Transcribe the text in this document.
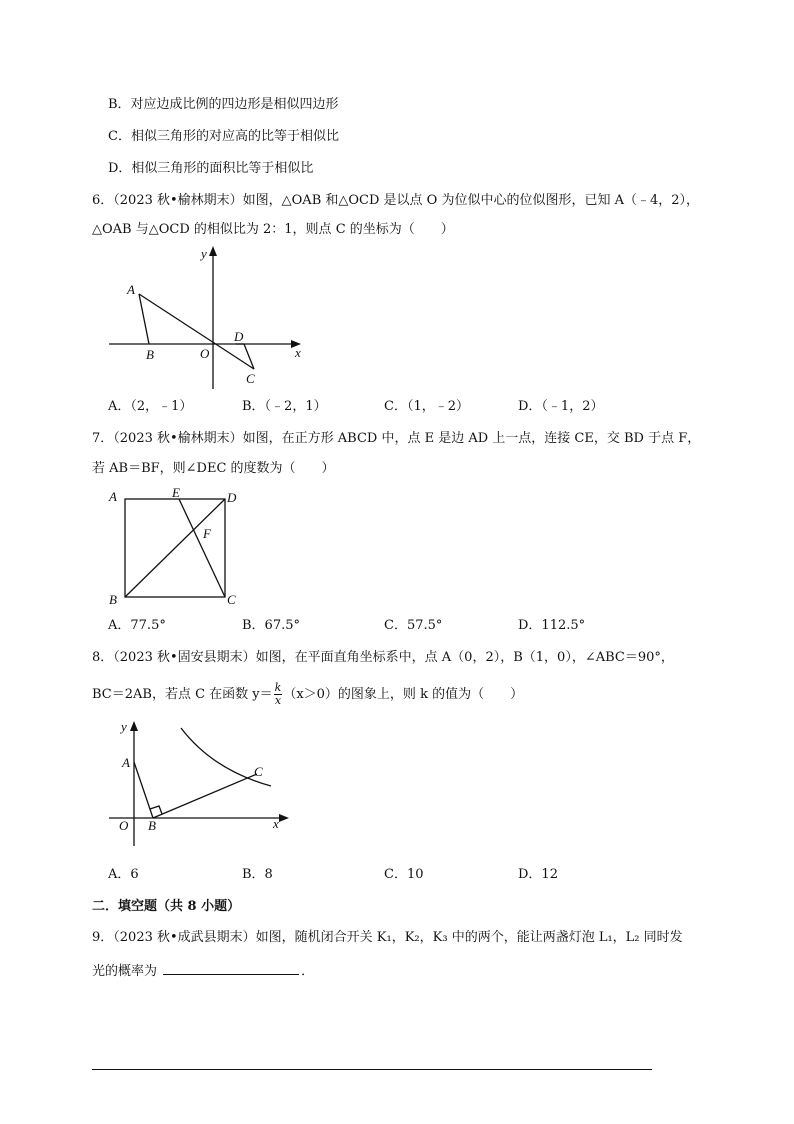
B．对应边成比例的四边形是相似四边形
C．相似三角形的对应高的比等于相似比
D．相似三角形的面积比等于相似比
6．（2023 秋•榆林期末）如图，△OAB 和△OCD 是以点 O 为位似中心的位似图形，已知 A（﹣4，2），
△OAB 与△OCD 的相似比为 2：1，则点 C 的坐标为（　　）
y
x
A
B	O
D
C
A．（2，﹣1）	B．（﹣2，1）	C．（1，﹣2）	D．（﹣1，2）
7．（2023 秋•榆林期末）如图，在正方形 ABCD 中，点 E 是边 AD 上一点，连接 CE，交 BD 于点 F，
若 AB＝BF，则∠DEC 的度数为（　　）
A	E	D
F
B	C
A．77.5°	B．67.5°	C．57.5°	D．112.5°
8．（2023 秋•固安县期末）如图，在平面直角坐标系中，点 A（0，2），B（1，0），∠ABC＝90°，
BC＝2AB，若点 C 在函数 $y= \frac{k}{x} (x>0)$的图象上，则 k 的值为（　　）
y
x
A
O B
C
A．6	B．8	C．10	D．12
二．填空题（共 8 小题）
9．（2023 秋•成武县期末）如图，随机闭合开关 K₁，K₂，K₃ 中的两个，能让两盏灯泡 L₁，L₂ 同时发
光的概率为	．
